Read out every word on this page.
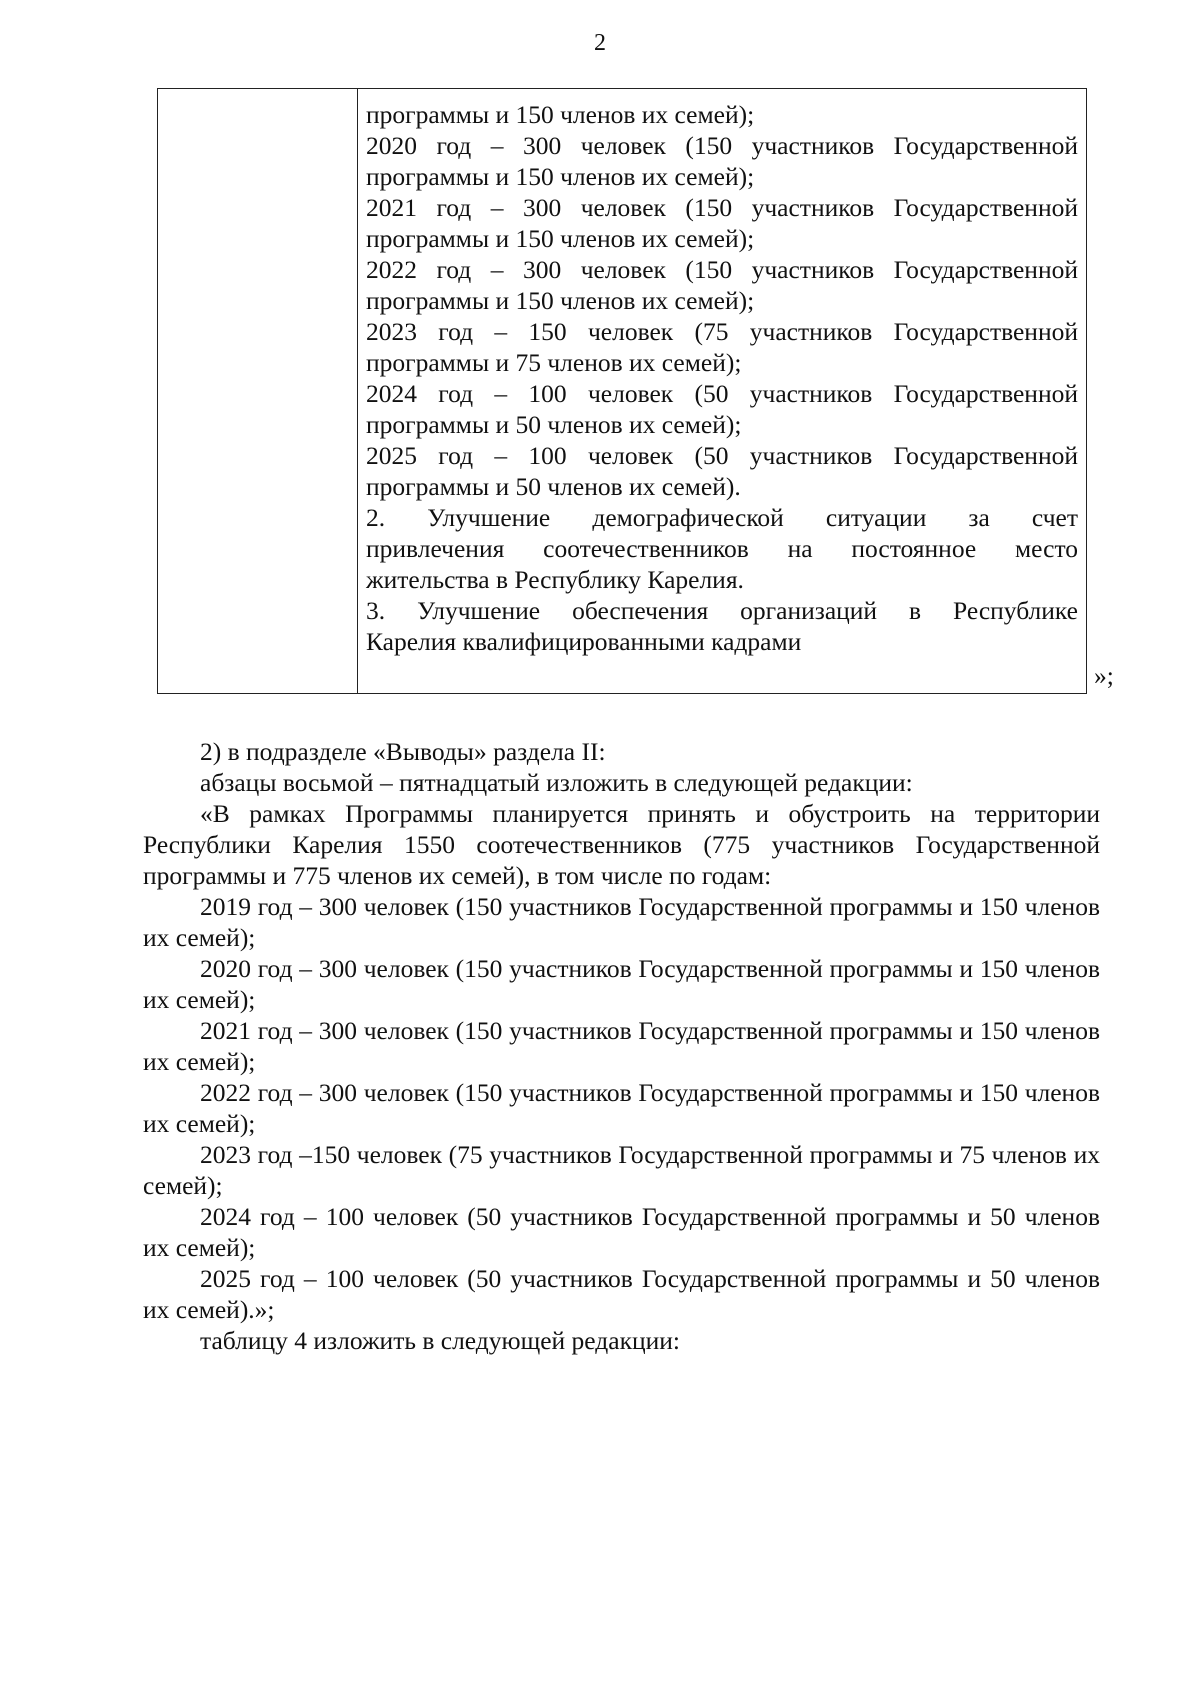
2

программы и 150 членов их семей);

2020 год – 300 человек (150 участников Государственной

программы и 150 членов их семей);

2021 год – 300 человек (150 участников Государственной

программы и 150 членов их семей);

2022 год – 300 человек (150 участников Государственной

программы и 150 членов их семей);

2023 год – 150 человек (75 участников Государственной

программы и 75 членов их семей);

2024 год – 100 человек (50 участников Государственной

программы и 50 членов их семей);

2025 год – 100 человек (50 участников Государственной

программы и 50 членов их семей).

2. Улучшение демографической ситуации за счет

привлечения соотечественников на постоянное место

жительства в Республику Карелия.

3. Улучшение обеспечения организаций в Республике

Карелия квалифицированными кадрами

»;

2) в подразделе «Выводы» раздела II:

абзацы восьмой – пятнадцатый изложить в следующей редакции:

«В рамках Программы планируется принять и обустроить на территории Республики Карелия 1550 соотечественников (775 участников Государственной программы и 775 членов их семей), в том числе по годам:

2019 год – 300 человек (150 участников Государственной программы и 150 членов их семей);

2020 год – 300 человек (150 участников Государственной программы и 150 членов их семей);

2021 год – 300 человек (150 участников Государственной программы и 150 членов их семей);

2022 год – 300 человек (150 участников Государственной программы и 150 членов их семей);

2023 год –150 человек (75 участников Государственной программы и 75 членов их семей);

2024 год – 100 человек (50 участников Государственной программы и 50 членов их семей);

2025 год – 100 человек (50 участников Государственной программы и 50 членов их семей).»;

таблицу 4 изложить в следующей редакции:
